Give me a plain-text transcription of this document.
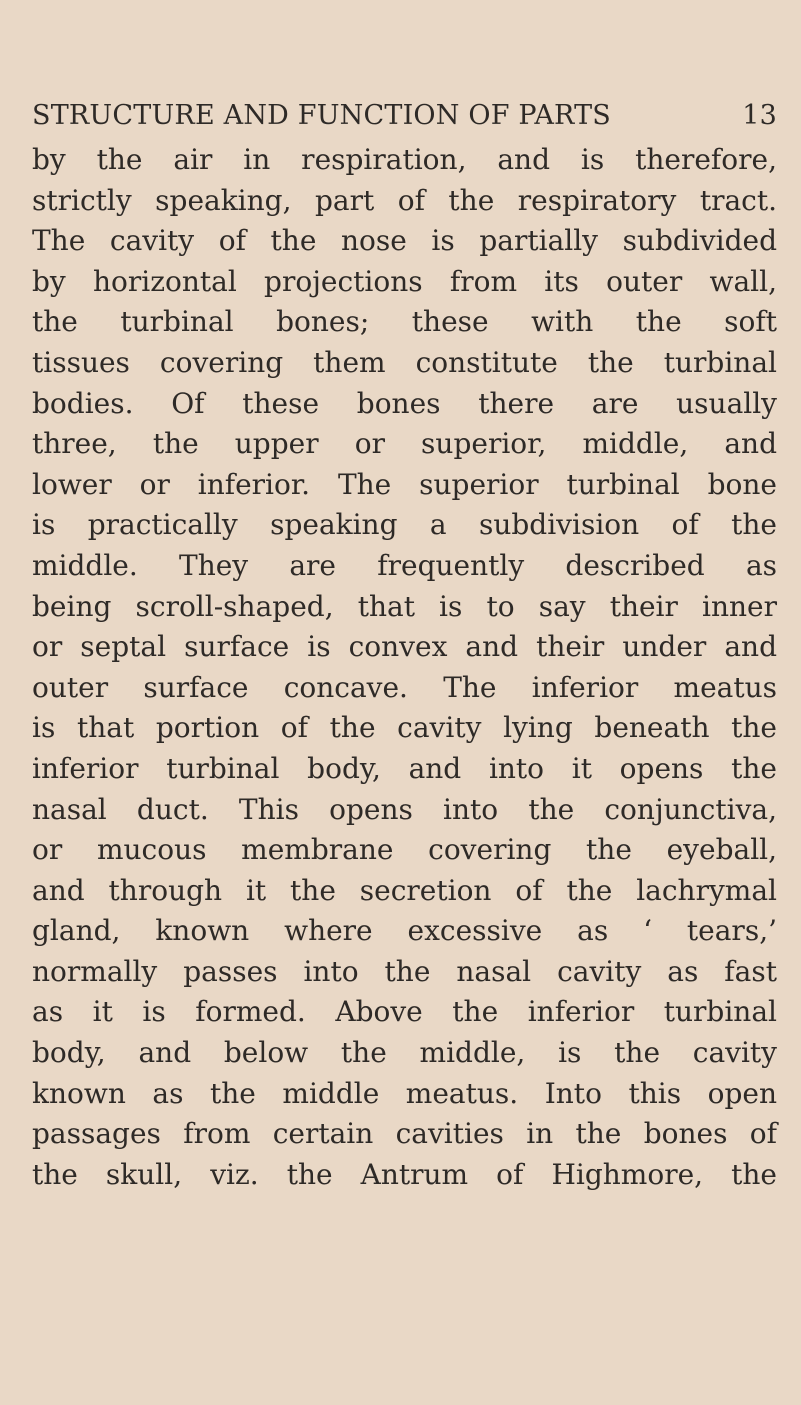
STRUCTURE AND FUNCTION OF PARTS	13
by the air in respiration, and is therefore,
strictly speaking, part of the respiratory tract.
The cavity of the nose is partially subdivided
by horizontal projections from its outer wall,
the turbinal bones; these with the soft
tissues covering them constitute the turbinal
bodies. Of these bones there are usually
three, the upper or superior, middle, and
lower or inferior. The superior turbinal bone
is practically speaking a subdivision of the
middle. They are frequently described as
being scroll-shaped, that is to say their inner
or septal surface is convex and their under and
outer surface concave. The inferior meatus
is that portion of the cavity lying beneath the
inferior turbinal body, and into it opens the
nasal duct. This opens into the conjunctiva,
or mucous membrane covering the eyeball,
and through it the secretion of the lachrymal
gland, known where excessive as ‘ tears,’
normally passes into the nasal cavity as fast
as it is formed. Above the inferior turbinal
body, and below the middle, is the cavity
known as the middle meatus. Into this open
passages from certain cavities in the bones of
the skull, viz. the Antrum of Highmore, the
